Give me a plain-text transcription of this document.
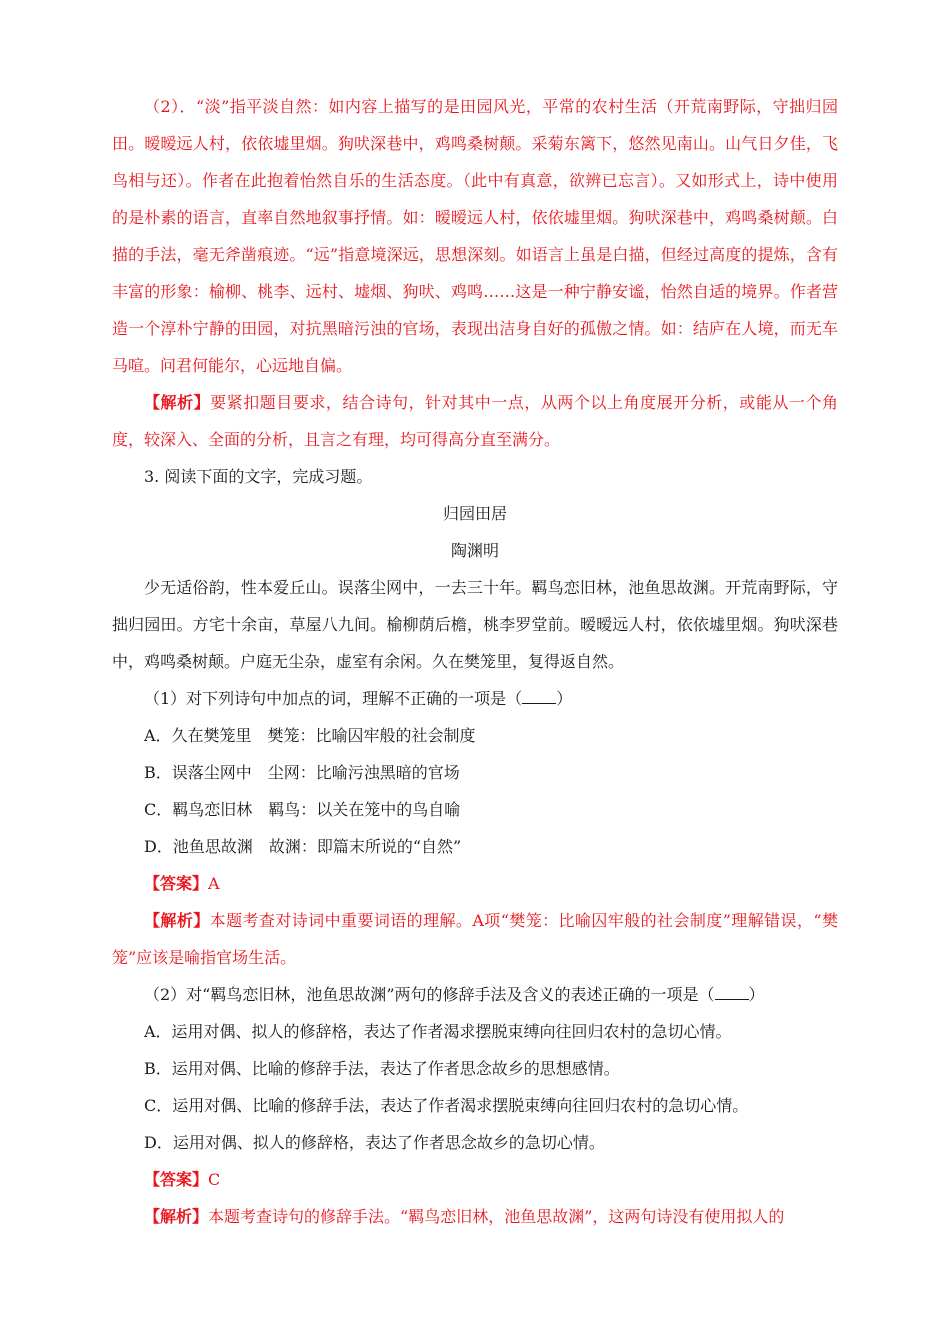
（2）．“淡”指平淡自然：如内容上描写的是田园风光，平常的农村生活（开荒南野际，守拙归园田。暧暧远人村，依依墟里烟。狗吠深巷中，鸡鸣桑树颠。采菊东篱下，悠然见南山。山气日夕佳，飞鸟相与还）。作者在此抱着怡然自乐的生活态度。（此中有真意，欲辨已忘言）。又如形式上，诗中使用的是朴素的语言，直率自然地叙事抒情。如：暧暧远人村，依依墟里烟。狗吠深巷中，鸡鸣桑树颠。白描的手法，毫无斧凿痕迹。“远”指意境深远，思想深刻。如语言上虽是白描，但经过高度的提炼，含有丰富的形象：榆柳、桃李、远村、墟烟、狗吠、鸡鸣……这是一种宁静安谧，怡然自适的境界。作者营造一个淳朴宁静的田园，对抗黑暗污浊的官场，表现出洁身自好的孤傲之情。如：结庐在人境，而无车马喧。问君何能尔，心远地自偏。

【解析】要紧扣题目要求，结合诗句，针对其中一点，从两个以上角度展开分析，或能从一个角度，较深入、全面的分析，且言之有理，均可得高分直至满分。

3. 阅读下面的文字，完成习题。

归园田居

陶渊明

少无适俗韵，性本爱丘山。误落尘网中，一去三十年。羁鸟恋旧林，池鱼思故渊。开荒南野际，守拙归园田。方宅十余亩，草屋八九间。榆柳荫后檐，桃李罗堂前。暧暧远人村，依依墟里烟。狗吠深巷中，鸡鸣桑树颠。户庭无尘杂，虚室有余闲。久在樊笼里，复得返自然。

（1）对下列诗句中加点的词，理解不正确的一项是（ ）

A．久在樊笼里　樊笼：比喻囚牢般的社会制度

B．误落尘网中　尘网：比喻污浊黑暗的官场

C．羁鸟恋旧林　羁鸟：以关在笼中的鸟自喻

D．池鱼思故渊　故渊：即篇末所说的“自然”

【答案】A

【解析】本题考查对诗词中重要词语的理解。A项“樊笼：比喻囚牢般的社会制度”理解错误，“樊笼”应该是喻指官场生活。

（2）对“羁鸟恋旧林，池鱼思故渊”两句的修辞手法及含义的表述正确的一项是（ ）

A．运用对偶、拟人的修辞格，表达了作者渴求摆脱束缚向往回归农村的急切心情。

B．运用对偶、比喻的修辞手法，表达了作者思念故乡的思想感情。

C．运用对偶、比喻的修辞手法，表达了作者渴求摆脱束缚向往回归农村的急切心情。

D．运用对偶、拟人的修辞格，表达了作者思念故乡的急切心情。

【答案】C

【解析】本题考查诗句的修辞手法。“羁鸟恋旧林，池鱼思故渊”，这两句诗没有使用拟人的
